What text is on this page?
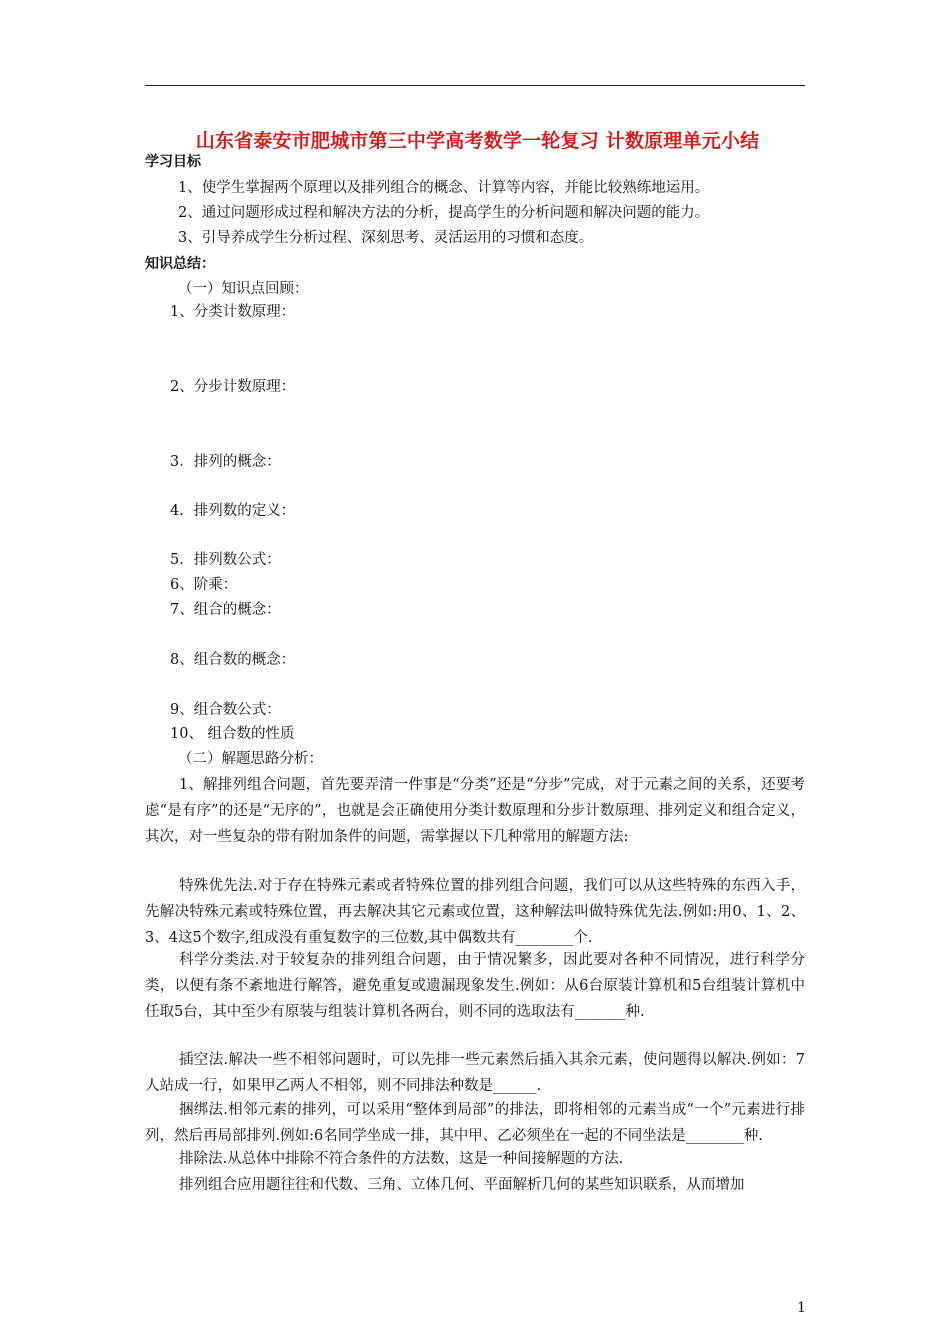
山东省泰安市肥城市第三中学高考数学一轮复习 计数原理单元小结
学习目标
1、使学生掌握两个原理以及排列组合的概念、计算等内容，并能比较熟练地运用。
2、通过问题形成过程和解决方法的分析，提高学生的分析问题和解决问题的能力。
3、引导养成学生分析过程、深刻思考、灵活运用的习惯和态度。
知识总结：
（一）知识点回顾：
1、分类计数原理：
2、分步计数原理：
3．排列的概念：
4．排列数的定义：
5．排列数公式：
6、阶乘：
7、组合的概念：
8、组合数的概念：
9、组合数公式：
10、 组合数的性质
（二）解题思路分析：
1、解排列组合问题，首先要弄清一件事是“分类”还是“分步”完成，对于元素之间的关系，还要考虑“是有序”的还是“无序的”，也就是会正确使用分类计数原理和分步计数原理、排列定义和组合定义，其次，对一些复杂的带有附加条件的问题，需掌握以下几种常用的解题方法:
特殊优先法.对于存在特殊元素或者特殊位置的排列组合问题，我们可以从这些特殊的东西入手，先解决特殊元素或特殊位置，再去解决其它元素或位置，这种解法叫做特殊优先法.例如:用0、1、2、3、4这5个数字,组成没有重复数字的三位数,其中偶数共有________个.
科学分类法.对于较复杂的排列组合问题，由于情况繁多，因此要对各种不同情况，进行科学分类，以便有条不紊地进行解答，避免重复或遗漏现象发生.例如：从6台原装计算机和5台组装计算机中任取5台，其中至少有原装与组装计算机各两台，则不同的选取法有_______种.
插空法.解决一些不相邻问题时，可以先排一些元素然后插入其余元素，使问题得以解决.例如：7人站成一行，如果甲乙两人不相邻，则不同排法种数是______.
捆绑法.相邻元素的排列，可以采用“整体到局部”的排法，即将相邻的元素当成“一个”元素进行排列，然后再局部排列.例如:6名同学坐成一排，其中甲、乙必须坐在一起的不同坐法是________种.
排除法.从总体中排除不符合条件的方法数，这是一种间接解题的方法.
排列组合应用题往往和代数、三角、立体几何、平面解析几何的某些知识联系，从而增加
1
